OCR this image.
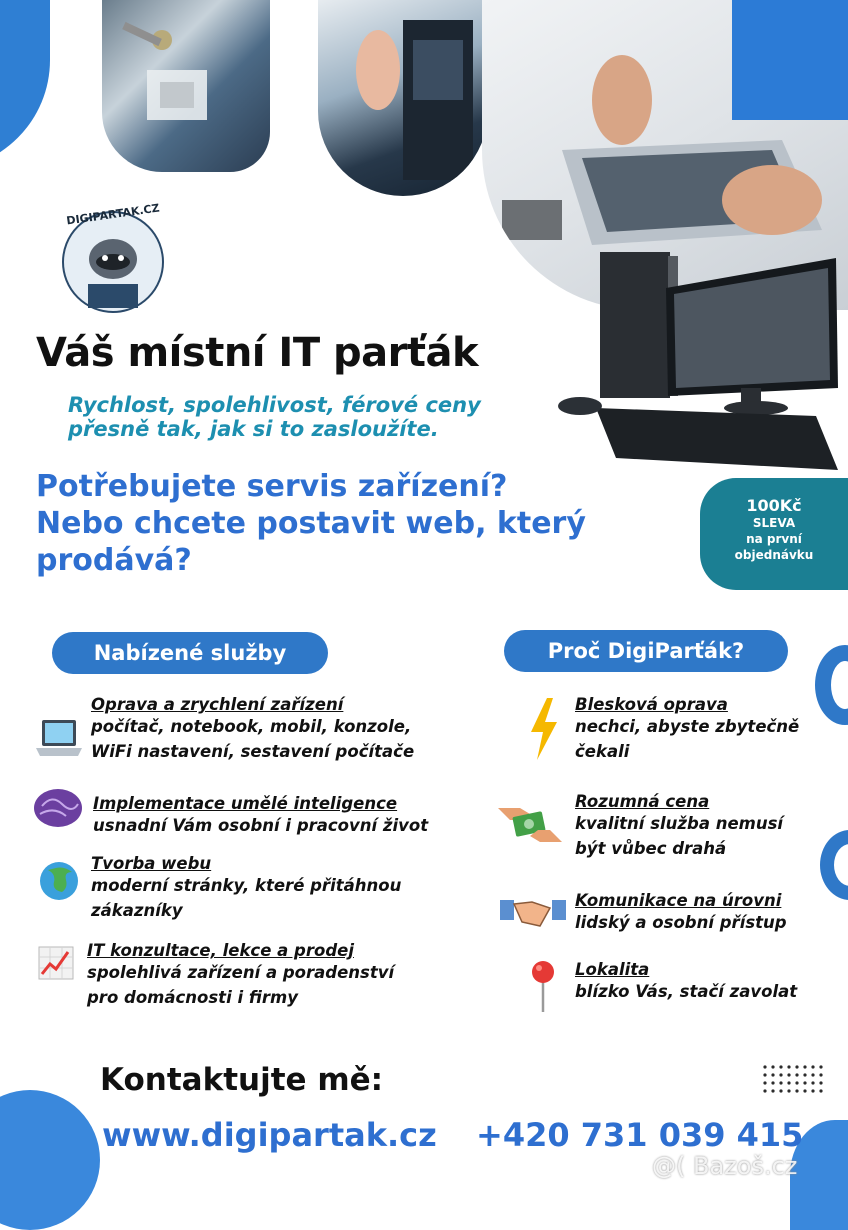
DIGIPARTAK.CZ
Váš místní IT parťák
Rychlost, spolehlivost, férové ceny
přesně tak, jak si to zasloužíte.
Potřebujete servis zařízení?
Nebo chcete postavit web, který
prodává?
100Kč
SLEVA
na první
objednávku
Nabízené služby	Proč DigiParťák?
Oprava a zrychlení zařízení
počítač, notebook, mobil, konzole,
WiFi nastavení, sestavení počítače
Implementace umělé inteligence
usnadní Vám osobní i pracovní život
Tvorba webu
moderní stránky, které přitáhnou
zákazníky
IT konzultace, lekce a prodej
spolehlivá zařízení a poradenství
pro domácnosti i firmy
Blesková oprava
nechci, abyste zbytečně
čekali
Rozumná cena
kvalitní služba nemusí
být vůbec drahá
Komunikace na úrovni
lidský a osobní přístup
Lokalita
blízko Vás, stačí zavolat
Kontaktujte mě:
www.digipartak.cz +420 731 039 415
@( Bazoš.cz
